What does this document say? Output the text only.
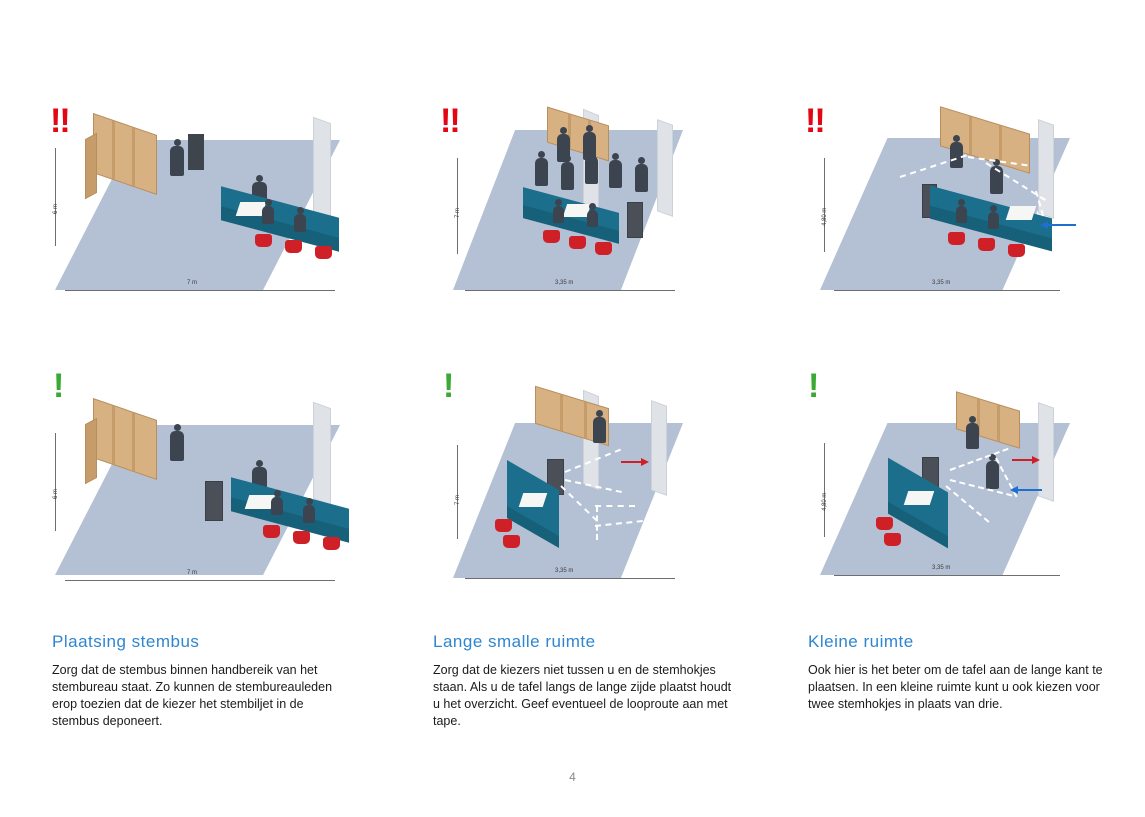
!!
6 m
7 m
!!
7 m
3,35 m
!!
4,80 m
3,35 m
!
6 m
7 m
!
7 m
3,35 m
!
4,80 m
3,35 m
Plaatsing stembus

Zorg dat de stembus binnen handbereik van het stembureau staat. Zo kunnen de stembureauleden erop toezien dat de kiezer het stembiljet in de stembus deponeert.

Lange smalle ruimte

Zorg dat de kiezers niet tussen u en de stemhokjes staan. Als u de tafel langs de lange zijde plaatst houdt u het overzicht. Geef eventueel de looproute aan met tape.

Kleine ruimte

Ook hier is het beter om de tafel aan de lange kant te plaatsen. In een kleine ruimte kunt u ook kiezen voor twee stemhokjes in plaats van drie.

4
